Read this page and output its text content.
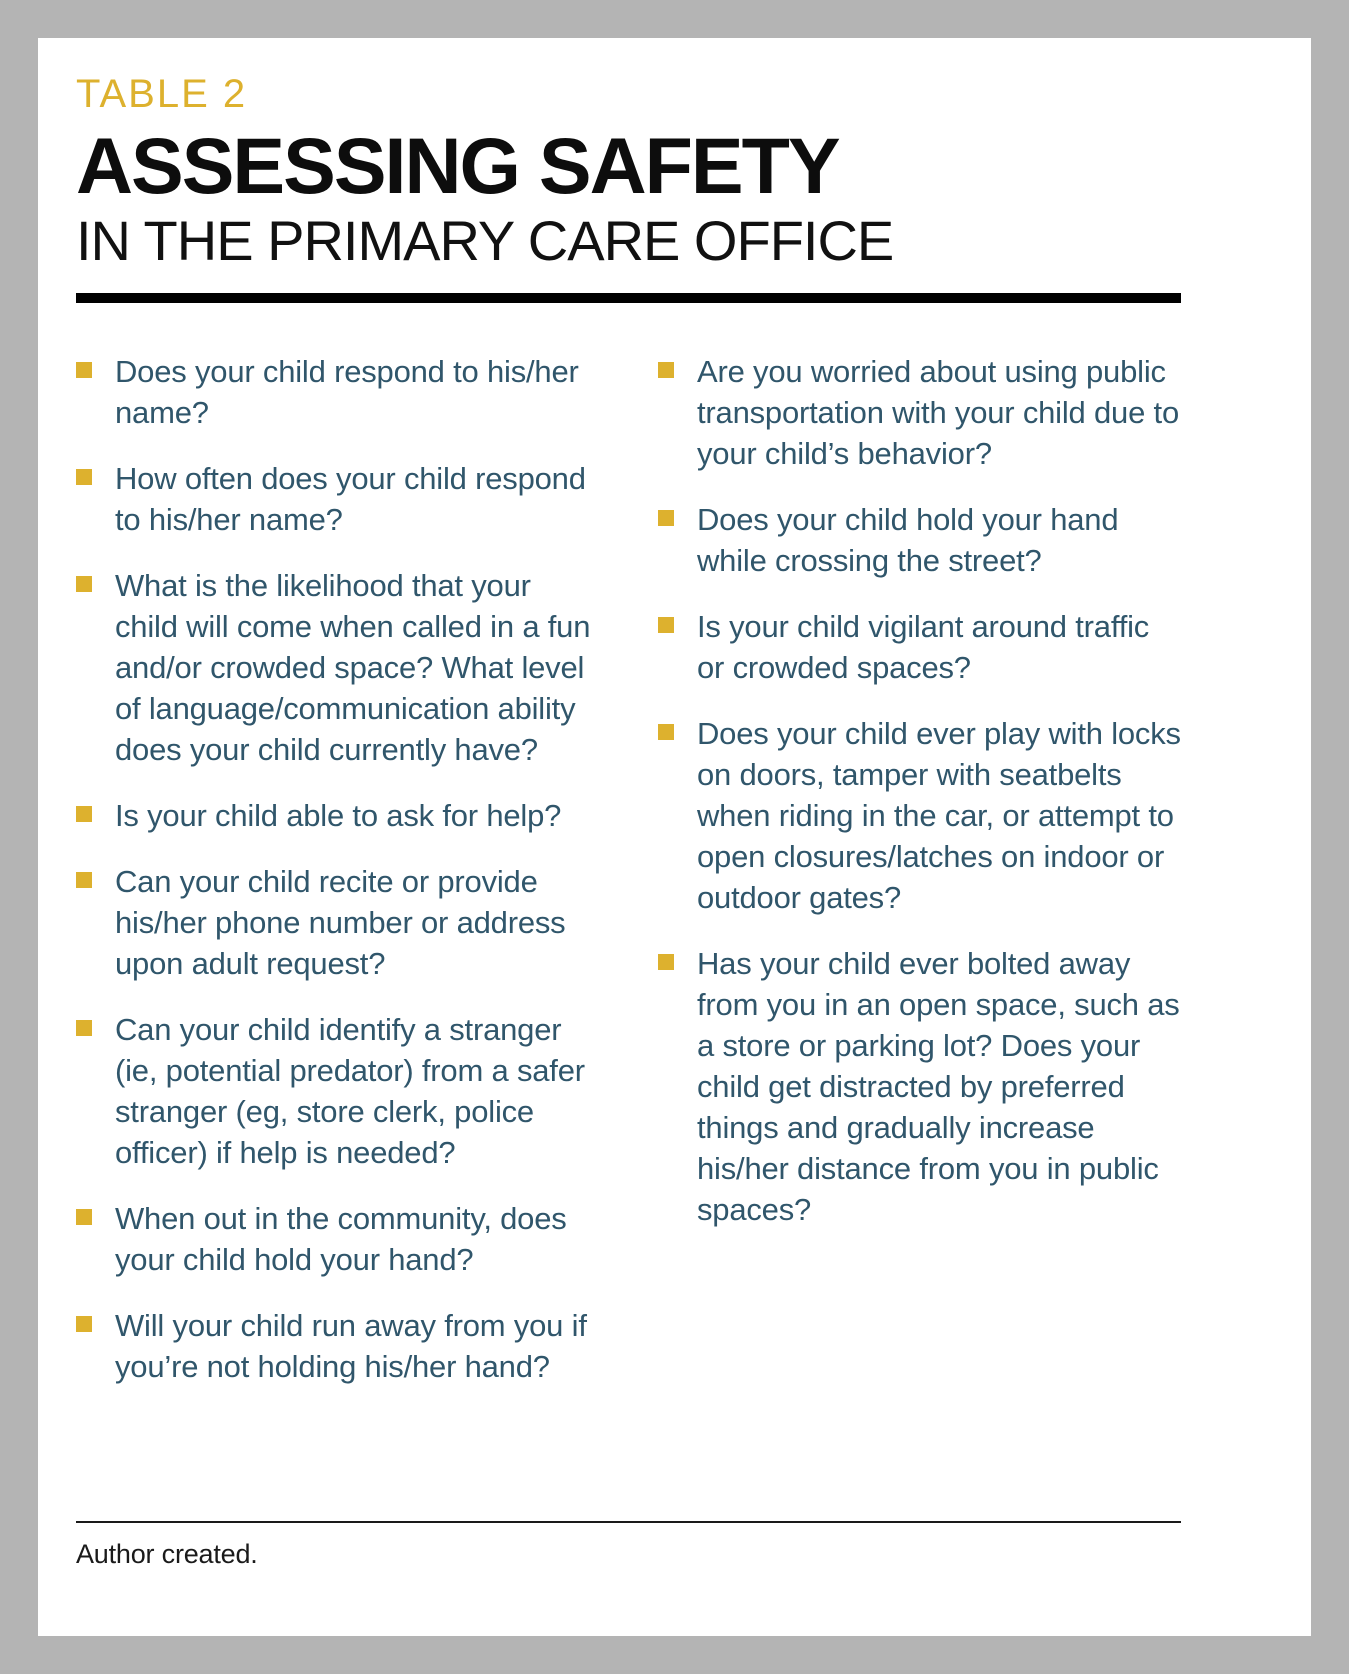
TABLE 2
ASSESSING SAFETY
IN THE PRIMARY CARE OFFICE
Does your child respond to his/her name?
How often does your child respond to his/her name?
What is the likelihood that your child will come when called in a fun and/or crowded space? What level of language/communication ability does your child currently have?
Is your child able to ask for help?
Can your child recite or provide his/her phone number or address upon adult request?
Can your child identify a stranger (ie, potential predator) from a safer stranger (eg, store clerk, police officer) if help is needed?
When out in the community, does your child hold your hand?
Will your child run away from you if you’re not holding his/her hand?
Are you worried about using public transportation with your child due to your child’s behavior?
Does your child hold your hand while crossing the street?
Is your child vigilant around traffic or crowded spaces?
Does your child ever play with locks on doors, tamper with seatbelts when riding in the car, or attempt to open closures/latches on indoor or outdoor gates?
Has your child ever bolted away from you in an open space, such as a store or parking lot? Does your child get distracted by preferred things and gradually increase his/her distance from you in public spaces?
Author created.
